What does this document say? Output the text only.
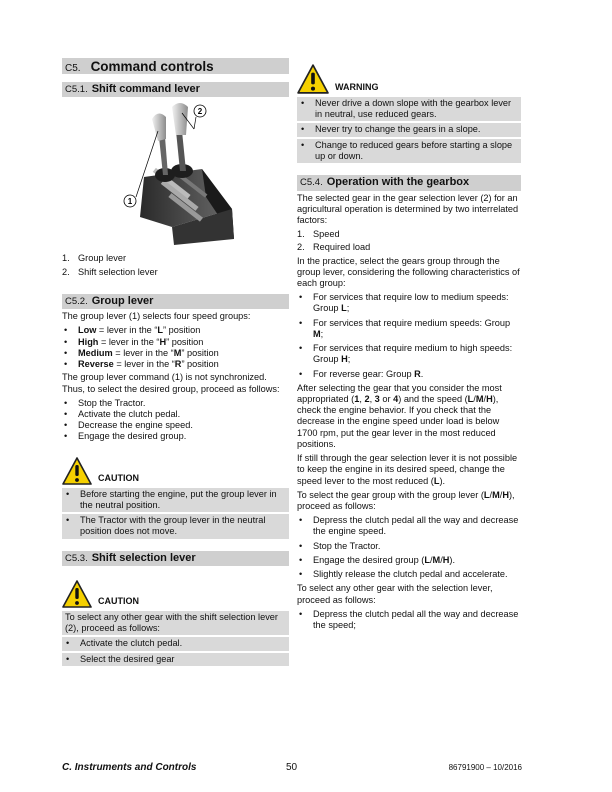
C5. Command controls
C5.1. Shift command lever
1
2
1. Group lever
2. Shift selection lever
C5.2. Group lever

The group lever (1) selects four speed groups:

• Low = lever in the “L” position
• High = lever in the “H” position
• Medium = lever in the “M” position
• Reverse = lever in the “R” position

The group lever command (1) is not synchronized. Thus, to select the desired group, proceed as follows:

• Stop the Tractor.
• Activate the clutch pedal.
• Decrease the engine speed.
• Engage the desired group.
CAUTION
• Before starting the engine, put the group lever in the neutral position.
• The Tractor with the group lever in the neutral position does not move.
C5.3. Shift selection lever
CAUTION
To select any other gear with the shift selection lever (2), proceed as follows:
• Activate the clutch pedal.
• Select the desired gear
WARNING
• Never drive a down slope with the gearbox lever in neutral, use reduced gears.
• Never try to change the gears in a slope.
• Change to reduced gears before starting a slope up or down.
C5.4. Operation with the gearbox

The selected gear in the gear selection lever (2) for an agricultural operation is determined by two interrelated factors:

1. Speed
2. Required load

In the practice, select the gears group through the group lever, considering the following characteristics of each group:

• For services that require low to medium speeds: Group L;
• For services that require medium speeds: Group M;
• For services that require medium to high speeds: Group H;
• For reverse gear: Group R.

After selecting the gear that you consider the most appropriated (1, 2, 3 or 4) and the speed (L/M/H), check the engine behavior. If you check that the decrease in the engine speed under load is below 1700 rpm, put the gear lever in the most reduced positions.

If still through the gear selection lever it is not possible to keep the engine in its desired speed, change the speed lever to the most reduced (L).

To select the gear group with the group lever (L/M/H), proceed as follows:

• Depress the clutch pedal all the way and decrease the engine speed.
• Stop the Tractor.
• Engage the desired group (L/M/H).
• Slightly release the clutch pedal and accelerate.

To select any other gear with the selection lever, proceed as follows:

• Depress the clutch pedal all the way and decrease the speed;
C. Instruments and Controls	50	86791900 – 10/2016
